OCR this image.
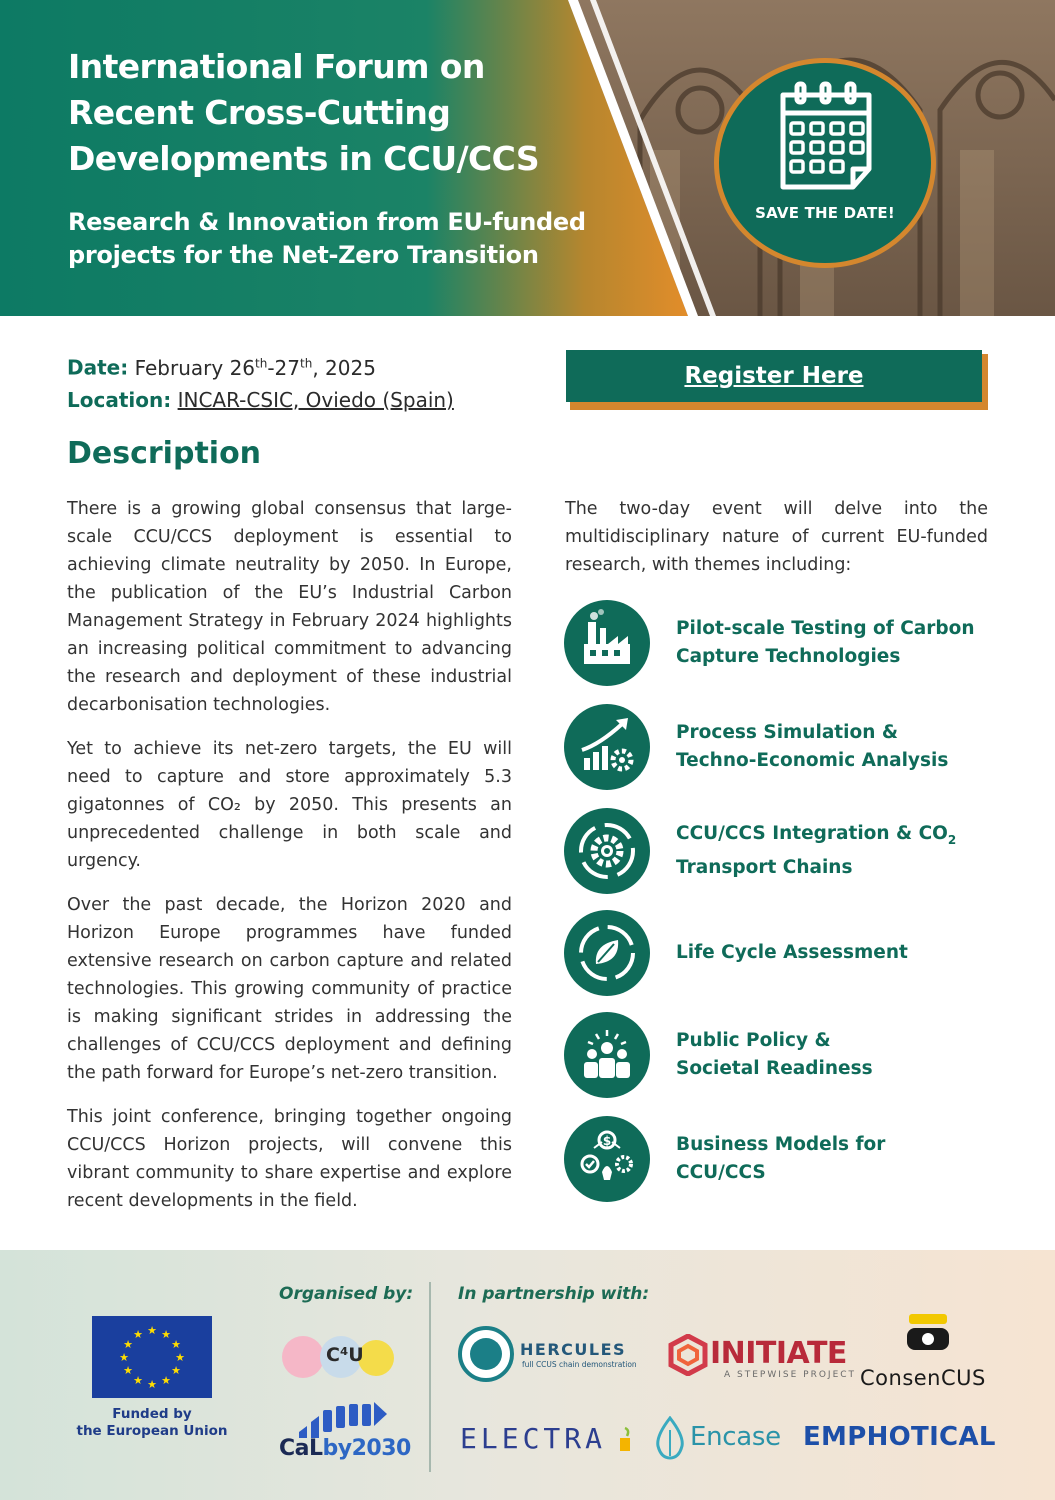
International Forum on
Recent Cross-Cutting
Developments in CCU/CCS
Research & Innovation from EU-funded
projects for the Net-Zero Transition
SAVE THE DATE!
Date: February 26th-27th, 2025
Location: INCAR-CSIC, Oviedo (Spain)
Register Here
Description

There is a growing global consensus that large-scale CCU/CCS deployment is essential to achieving climate neutrality by 2050. In Europe, the publication of the EU’s Industrial Carbon Management Strategy in February 2024 highlights an increasing political commitment to advancing the research and deployment of these industrial decarbonisation technologies.

Yet to achieve its net-zero targets, the EU will need to capture and store approximately 5.3 gigatonnes of CO₂ by 2050. This presents an unprecedented challenge in both scale and urgency.

Over the past decade, the Horizon 2020 and Horizon Europe programmes have funded extensive research on carbon capture and related technologies. This growing community of practice is making significant strides in addressing the challenges of CCU/CCS deployment and defining the path forward for Europe’s net-zero transition.

This joint conference, bringing together ongoing CCU/CCS Horizon projects, will convene this vibrant community to share expertise and explore recent developments in the field.

The two-day event will delve into the multidisciplinary nature of current EU-funded research, with themes including:
Pilot-scale Testing of Carbon
Capture Technologies
Process Simulation &
Techno-Economic Analysis
CCU/CCS Integration & $CO_2$
Transport Chains
Life Cycle Assessment
Public Policy &
Societal Readiness
$	Business Models for
CCU/CCS
★ ★
★
★
★
★
★
★
★
★
★
★
Funded by
the European Union
Organised by:	In partnership with:
C⁴U
CaLby2030
HERCULES
full CCUS chain demonstration INITIATE
A STEPWISE PROJECT ConsenCUS
ELECTRA	Encase EMPHOTICAL
